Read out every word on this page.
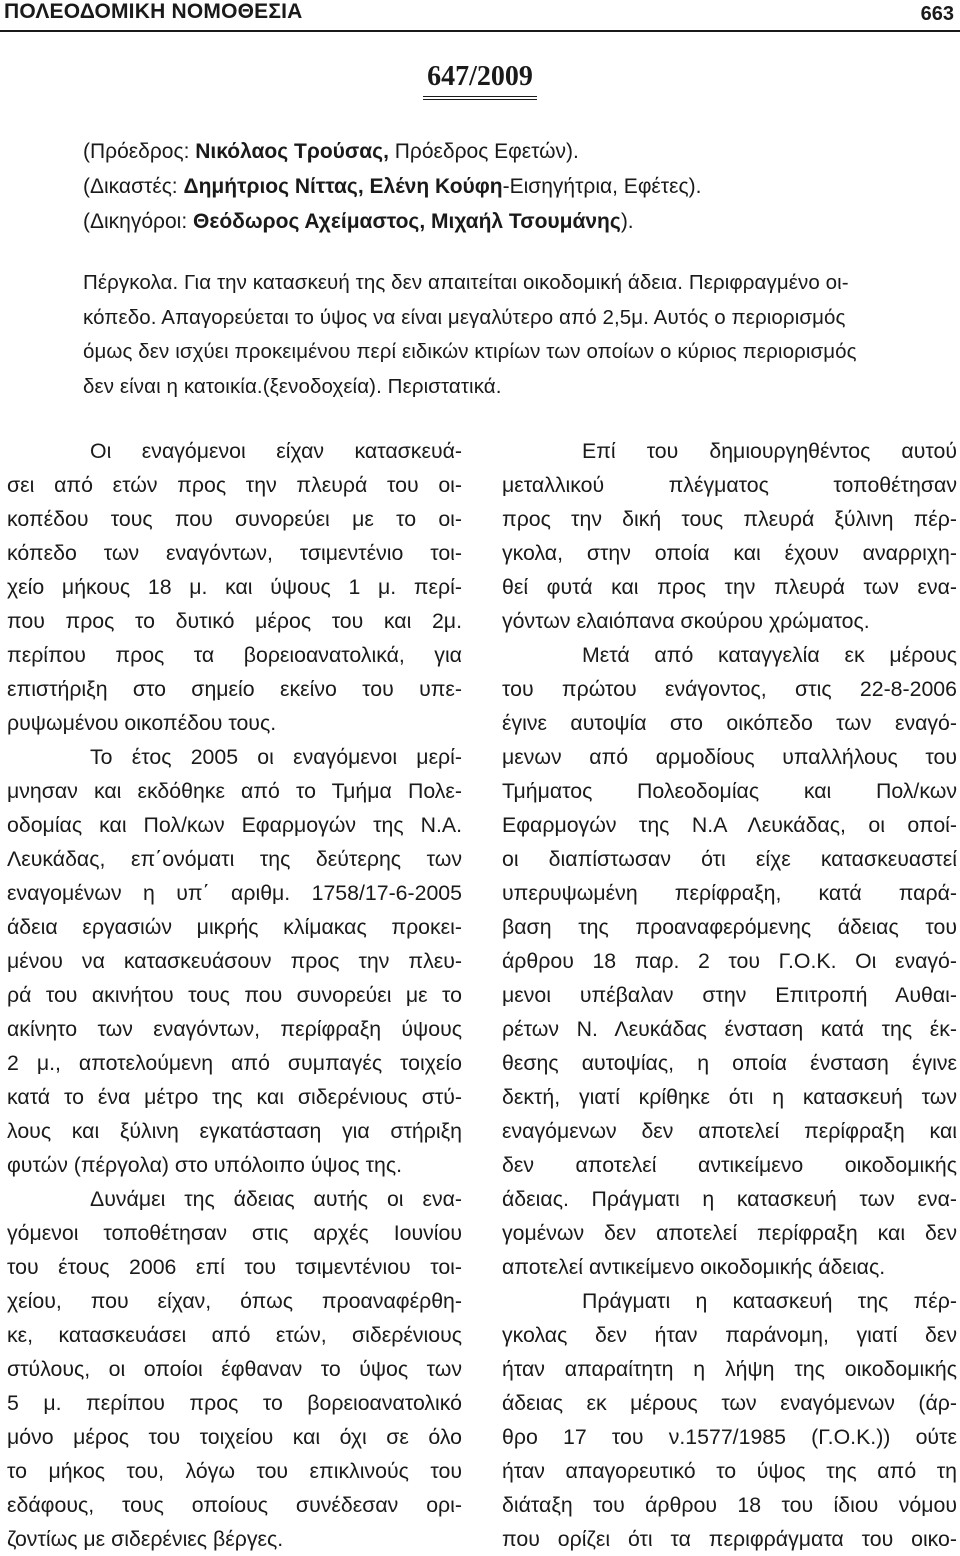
ΠΟΛΕΟΔΟΜΙΚΗ ΝΟΜΟΘΕΣΙΑ	663
647/2009
(Πρόεδρος: Νικόλαος Τρούσας, Πρόεδρος Εφετών).
(Δικαστές: Δημήτριος Νίττας, Ελένη Κούφη-Εισηγήτρια, Εφέτες).
(Δικηγόροι: Θεόδωρος Αχείμαστος, Μιχαήλ Τσουμάνης).
Πέργκολα. Για την κατασκευή της δεν απαιτείται οικοδομική άδεια. Περιφραγμένο οι-
κόπεδο. Απαγορεύεται το ύψος να είναι μεγαλύτερο από 2,5μ. Αυτός ο περιορισμός
όμως δεν ισχύει προκειμένου περί ειδικών κτιρίων των οποίων ο κύριος περιορισμός
δεν είναι η κατοικία.(ξενοδοχεία). Περιστατικά.
Οι εναγόμενοι είχαν κατασκευά-
σει από ετών προς την πλευρά του οι-
κοπέδου τους που συνορεύει με το οι-
κόπεδο των εναγόντων, τσιμεντένιο τοι-
χείο μήκους 18 μ. και ύψους 1 μ. περί-
που προς το δυτικό μέρος του και 2μ.
περίπου προς τα βορειοανατολικά, για
επιστήριξη στο σημείο εκείνο του υπε-
ρυψωμένου οικοπέδου τους.
Το έτος 2005 οι εναγόμενοι μερί-
μνησαν και εκδόθηκε από το Τμήμα Πολε-
οδομίας και Πολ/κων Εφαρμογών της Ν.Α.
Λευκάδας, επ΄ονόματι της δεύτερης των
εναγομένων η υπ΄ αριθμ. 1758/17-6-2005
άδεια εργασιών μικρής κλίμακας προκει-
μένου να κατασκευάσουν προς την πλευ-
ρά του ακινήτου τους που συνορεύει με το
ακίνητο των εναγόντων, περίφραξη ύψους
2 μ., αποτελούμενη από συμπαγές τοιχείο
κατά το ένα μέτρο της και σιδερένιους στύ-
λους και ξύλινη εγκατάσταση για στήριξη
φυτών (πέργολα) στο υπόλοιπο ύψος της.
Δυνάμει της άδειας αυτής οι ενα-
γόμενοι τοποθέτησαν στις αρχές Ιουνίου
του έτους 2006 επί του τσιμεντένιου τοι-
χείου, που είχαν, όπως προαναφέρθη-
κε, κατασκευάσει από ετών, σιδερένιους
στύλους, οι οποίοι έφθαναν το ύψος των
5 μ. περίπου προς το βορειοανατολικό
μόνο μέρος του τοιχείου και όχι σε όλο
το μήκος του, λόγω του επικλινούς του
εδάφους, τους οποίους συνέδεσαν ορι-
ζοντίως με σιδερένιες βέργες.
Επί του δημιουργηθέντος αυτού
μεταλλικού πλέγματος τοποθέτησαν
προς την δική τους πλευρά ξύλινη πέρ-
γκολα, στην οποία και έχουν αναρριχη-
θεί φυτά και προς την πλευρά των ενα-
γόντων ελαιόπανα σκούρου χρώματος.
Μετά από καταγγελία εκ μέρους
του πρώτου ενάγοντος, στις 22-8-2006
έγινε αυτοψία στο οικόπεδο των εναγό-
μενων από αρμοδίους υπαλλήλους του
Τμήματος Πολεοδομίας και Πολ/κων
Εφαρμογών της Ν.Α Λευκάδας, οι οποί-
οι διαπίστωσαν ότι είχε κατασκευαστεί
υπερυψωμένη περίφραξη, κατά παρά-
βαση της προαναφερόμενης άδειας του
άρθρου 18 παρ. 2 του Γ.Ο.Κ. Οι εναγό-
μενοι υπέβαλαν στην Επιτροπή Αυθαι-
ρέτων Ν. Λευκάδας ένσταση κατά της έκ-
θεσης αυτοψίας, η οποία ένσταση έγινε
δεκτή, γιατί κρίθηκε ότι η κατασκευή των
εναγόμενων δεν αποτελεί περίφραξη και
δεν αποτελεί αντικείμενο οικοδομικής
άδειας. Πράγματι η κατασκευή των ενα-
γομένων δεν αποτελεί περίφραξη και δεν
αποτελεί αντικείμενο οικοδομικής άδειας.
Πράγματι η κατασκευή της πέρ-
γκολας δεν ήταν παράνομη, γιατί δεν
ήταν απαραίτητη η λήψη της οικοδομικής
άδειας εκ μέρους των εναγόμενων (άρ-
θρο 17 του ν.1577/1985 (Γ.Ο.Κ.)) ούτε
ήταν απαγορευτικό το ύψος της από τη
διάταξη του άρθρου 18 του ίδιου νόμου
που ορίζει ότι τα περιφράγματα του οικο-
